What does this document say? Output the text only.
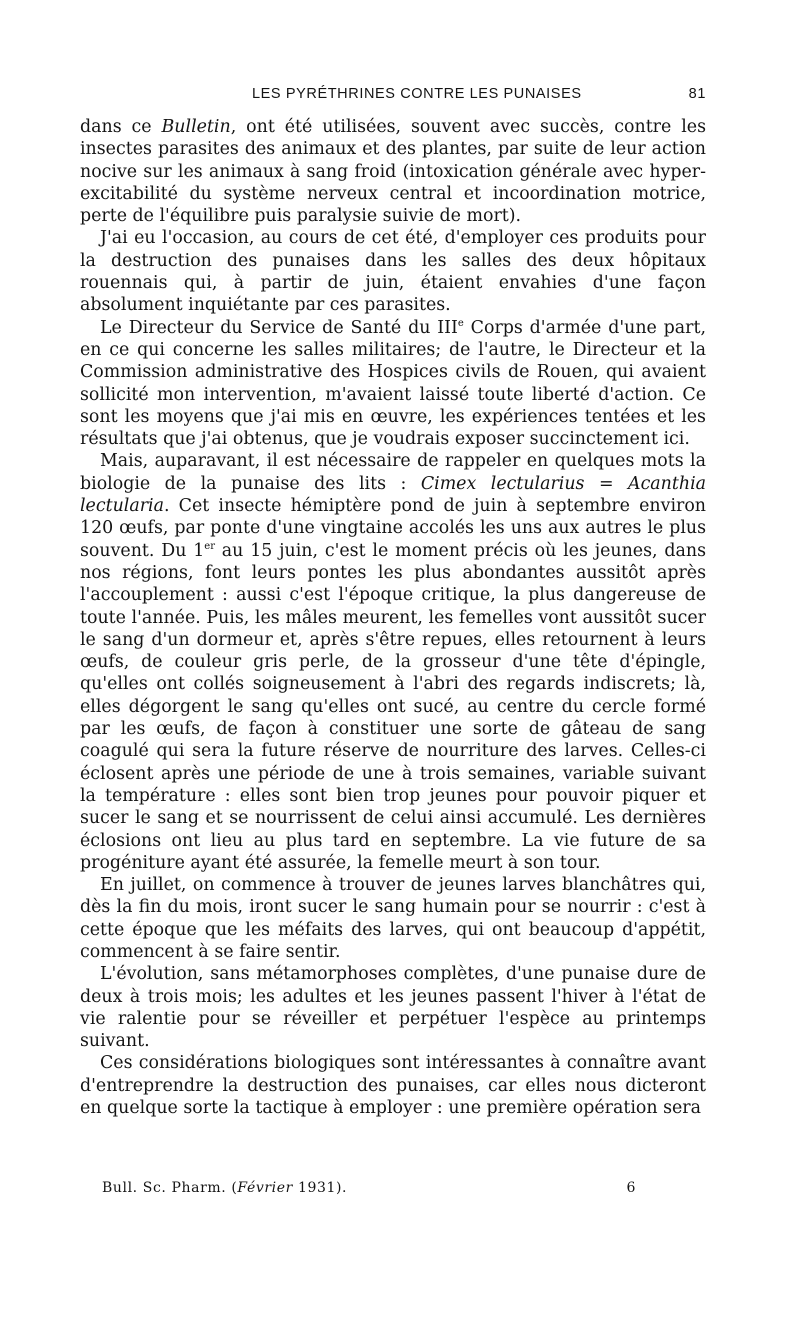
LES PYRÉTHRINES CONTRE LES PUNAISES	81

dans ce Bulletin, ont été utilisées, souvent avec succès, contre les insectes parasites des animaux et des plantes, par suite de leur action nocive sur les animaux à sang froid (intoxication générale avec hyper-excitabilité du système nerveux central et incoordination motrice, perte de l'équilibre puis paralysie suivie de mort).

J'ai eu l'occasion, au cours de cet été, d'employer ces produits pour la destruction des punaises dans les salles des deux hôpitaux rouennais qui, à partir de juin, étaient envahies d'une façon absolument inquiétante par ces parasites.

Le Directeur du Service de Santé du IIIe Corps d'armée d'une part, en ce qui concerne les salles militaires; de l'autre, le Directeur et la Commission administrative des Hospices civils de Rouen, qui avaient sollicité mon intervention, m'avaient laissé toute liberté d'action. Ce sont les moyens que j'ai mis en œuvre, les expériences tentées et les résultats que j'ai obtenus, que je voudrais exposer succinctement ici.

Mais, auparavant, il est nécessaire de rappeler en quelques mots la biologie de la punaise des lits : Cimex lectularius = Acanthia lectularia. Cet insecte hémiptère pond de juin à septembre environ 120 œufs, par ponte d'une vingtaine accolés les uns aux autres le plus souvent. Du 1er au 15 juin, c'est le moment précis où les jeunes, dans nos régions, font leurs pontes les plus abondantes aussitôt après l'accouplement : aussi c'est l'époque critique, la plus dangereuse de toute l'année. Puis, les mâles meurent, les femelles vont aussitôt sucer le sang d'un dormeur et, après s'être repues, elles retournent à leurs œufs, de couleur gris perle, de la grosseur d'une tête d'épingle, qu'elles ont collés soigneusement à l'abri des regards indiscrets; là, elles dégorgent le sang qu'elles ont sucé, au centre du cercle formé par les œufs, de façon à constituer une sorte de gâteau de sang coagulé qui sera la future réserve de nourriture des larves. Celles-ci éclosent après une période de une à trois semaines, variable suivant la température : elles sont bien trop jeunes pour pouvoir piquer et sucer le sang et se nourrissent de celui ainsi accumulé. Les dernières éclosions ont lieu au plus tard en septembre. La vie future de sa progéniture ayant été assurée, la femelle meurt à son tour.

En juillet, on commence à trouver de jeunes larves blanchâtres qui, dès la fin du mois, iront sucer le sang humain pour se nourrir : c'est à cette époque que les méfaits des larves, qui ont beaucoup d'appétit, commencent à se faire sentir.

L'évolution, sans métamorphoses complètes, d'une punaise dure de deux à trois mois; les adultes et les jeunes passent l'hiver à l'état de vie ralentie pour se réveiller et perpétuer l'espèce au printemps suivant.

Ces considérations biologiques sont intéressantes à connaître avant d'entreprendre la destruction des punaises, car elles nous dicteront en quelque sorte la tactique à employer : une première opération sera

Bull. Sc. Pharm. (Février 1931).	6
